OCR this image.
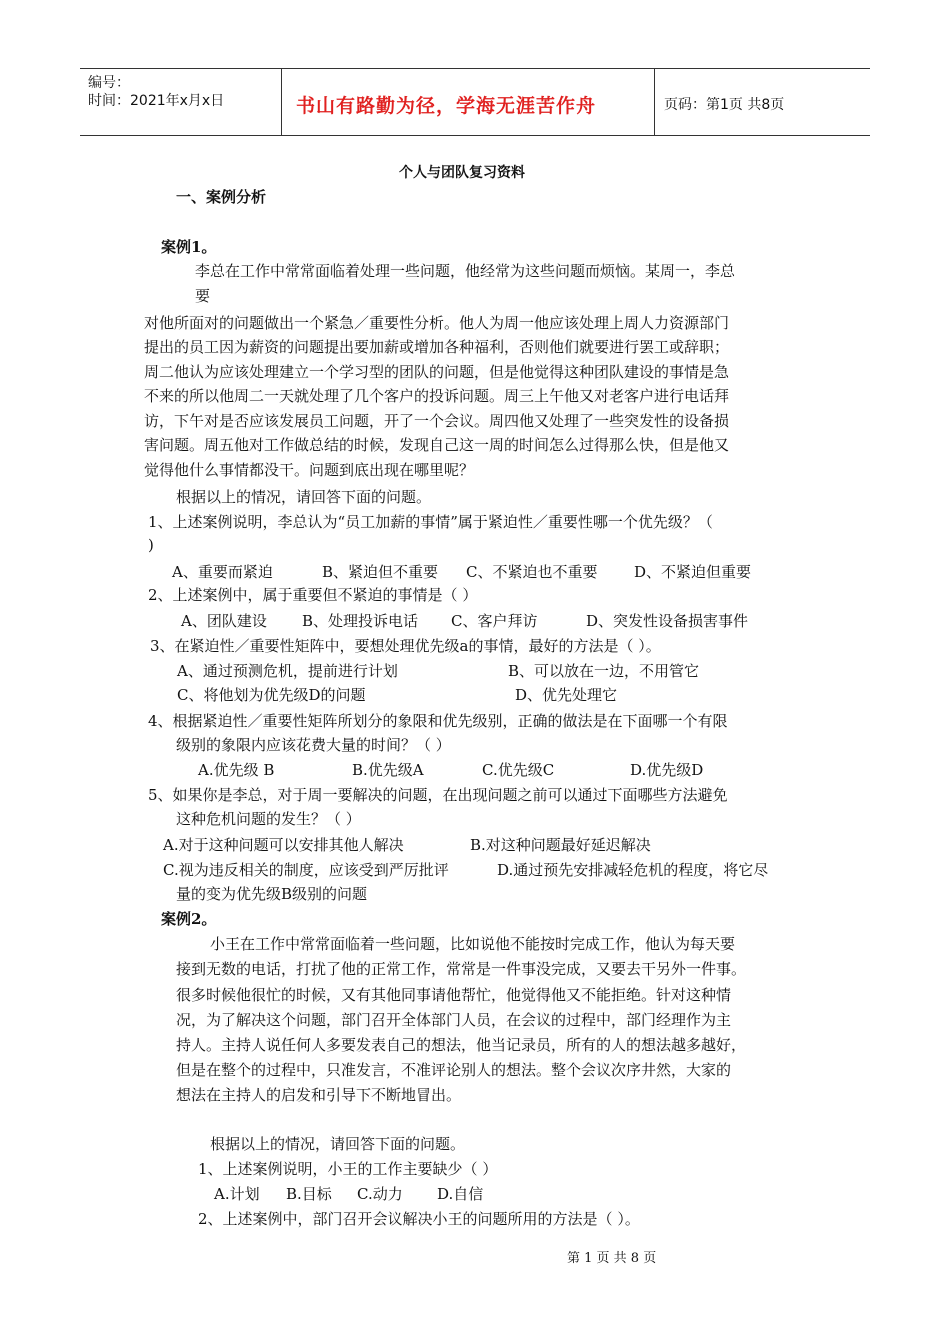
编号：
时间：2021年x月x日	书山有路勤为径，学海无涯苦作舟	页码：第1页 共8页
个人与团队复习资料
一、案例分析
案例1。
李总在工作中常常面临着处理一些问题，他经常为这些问题而烦恼。某周一，李总
要
对他所面对的问题做出一个紧急／重要性分析。他人为周一他应该处理上周人力资源部门
提出的员工因为薪资的问题提出要加薪或增加各种福利，否则他们就要进行罢工或辞职；
周二他认为应该处理建立一个学习型的团队的问题，但是他觉得这种团队建设的事情是急
不来的所以他周二一天就处理了几个客户的投诉问题。周三上午他又对老客户进行电话拜
访，下午对是否应该发展员工问题，开了一个会议。周四他又处理了一些突发性的设备损
害问题。周五他对工作做总结的时候，发现自己这一周的时间怎么过得那么快，但是他又
觉得他什么事情都没干。问题到底出现在哪里呢？
根据以上的情况，请回答下面的问题。
1、上述案例说明，李总认为“员工加薪的事情”属于紧迫性／重要性哪一个优先级？（
)
A、重要而紧迫	B、紧迫但不重要 C、不紧迫也不重要 D、不紧迫但重要
2、上述案例中，属于重要但不紧迫的事情是（ ）
A、团队建设 B、处理投诉电话 C、客户拜访	D、突发性设备损害事件
3、在紧迫性／重要性矩阵中，要想处理优先级a的事情，最好的方法是（ ）。
A、通过预测危机，提前进行计划	B、可以放在一边，不用管它
C、将他划为优先级D的问题	D、优先处理它
4、根据紧迫性／重要性矩阵所划分的象限和优先级别，正确的做法是在下面哪一个有限
级别的象限内应该花费大量的时间？（ ）
A.优先级 B	B.优先级A	C.优先级C	D.优先级D
5、如果你是李总，对于周一要解决的问题，在出现问题之前可以通过下面哪些方法避免
这种危机问题的发生？（ ）
A.对于这种问题可以安排其他人解决	B.对这种问题最好延迟解决
C.视为违反相关的制度，应该受到严厉批评	D.通过预先安排减轻危机的程度，将它尽
量的变为优先级B级别的问题
案例2。
小王在工作中常常面临着一些问题，比如说他不能按时完成工作，他认为每天要
接到无数的电话，打扰了他的正常工作，常常是一件事没完成，又要去干另外一件事。
很多时候他很忙的时候，又有其他同事请他帮忙，他觉得他又不能拒绝。针对这种情
况，为了解决这个问题，部门召开全体部门人员，在会议的过程中，部门经理作为主
持人。主持人说任何人多要发表自己的想法，他当记录员，所有的人的想法越多越好，
但是在整个的过程中，只准发言，不准评论别人的想法。整个会议次序井然，大家的
想法在主持人的启发和引导下不断地冒出。
根据以上的情况，请回答下面的问题。
1、上述案例说明，小王的工作主要缺少（ ）
A.计划 B.目标 C.动力 D.自信
2、上述案例中，部门召开会议解决小王的问题所用的方法是（ ）。
第 1 页 共 8 页
